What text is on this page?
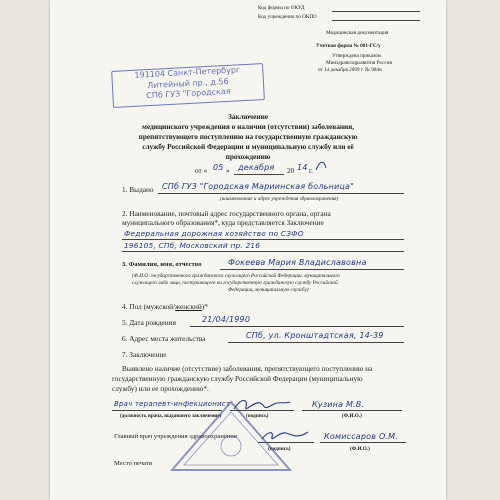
Код формы по ОКУД
Код учреждения по ОКПО
Медицинская документация
Учетная форма № 001-ГС/у
Утверждена приказом
Минздравсоцразвития России
от 14 декабря 2009 г. № 984н
191104 Санкт-Петербург
Литейный пр., д.56
СПб ГУЗ "Городская
Заключение
медицинского учреждения о наличии (отсутствии) заболевания,
препятствующего поступлению на государственную гражданскую
службу Российской Федерации и муниципальную службу или её
прохождению
от « 05 » декабря 20 14 г.
1. Выдано СПб ГУЗ "Городская Мариинская больница"
(наименование и адрес учреждения здравоохранения)
2. Наименование, почтовый адрес государственного органа, органа
муниципального образования*, куда представляется Заключение
Федеральная дорожная хозяйство по СЗФО
196105, СПб, Московский пр. 216
3. Фамилия, имя, отчество	Фокеева Мария Владиславовна
(Ф.И.О. государственного гражданского служащего Российской Федерации, муниципального
служащего либо лица, поступающего на государственную гражданскую службу Российской
Федерации, муниципальную службу)
4. Пол (мужской/женский)*
5. Дата рождения	21/04/1990
6. Адрес места жительства	СПб, ул. Кронштадтская, 14-39
7. Заключение
Выявлено наличие (отсутствие) заболевания, препятствующего поступлению на
государственную гражданскую службу Российской Федерации (муниципальную
службу) или ее прохождению*.
Врач терапевт-инфекционист	Кузина М.В.
(должность врача, выдавшего заключение)	(подпись)	(Ф.И.О.)
Главный врач учреждения здравоохранения	Комиссаров О.М.
(подпись)	(Ф.И.О.)
Место печати
